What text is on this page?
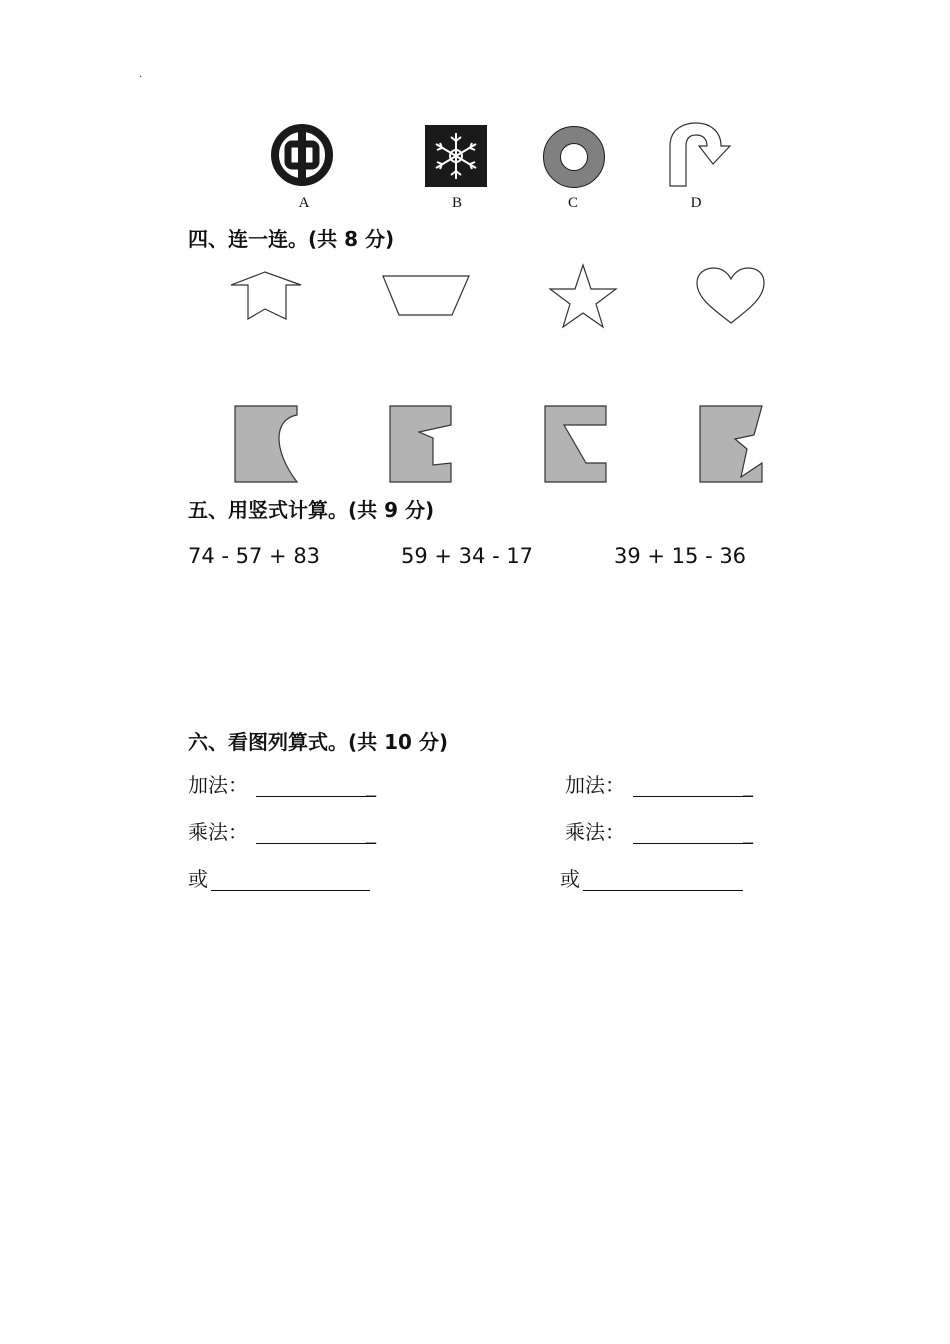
.
A	B	C	D
四、连一连。(共 8 分)
五、用竖式计算。(共 9 分)
74 - 57 + 83	59 + 34 - 17	39 + 15 - 36
六、看图列算式。(共 10 分)
加法：	_
乘法：	_
或
加法：	_
乘法：	_
或
